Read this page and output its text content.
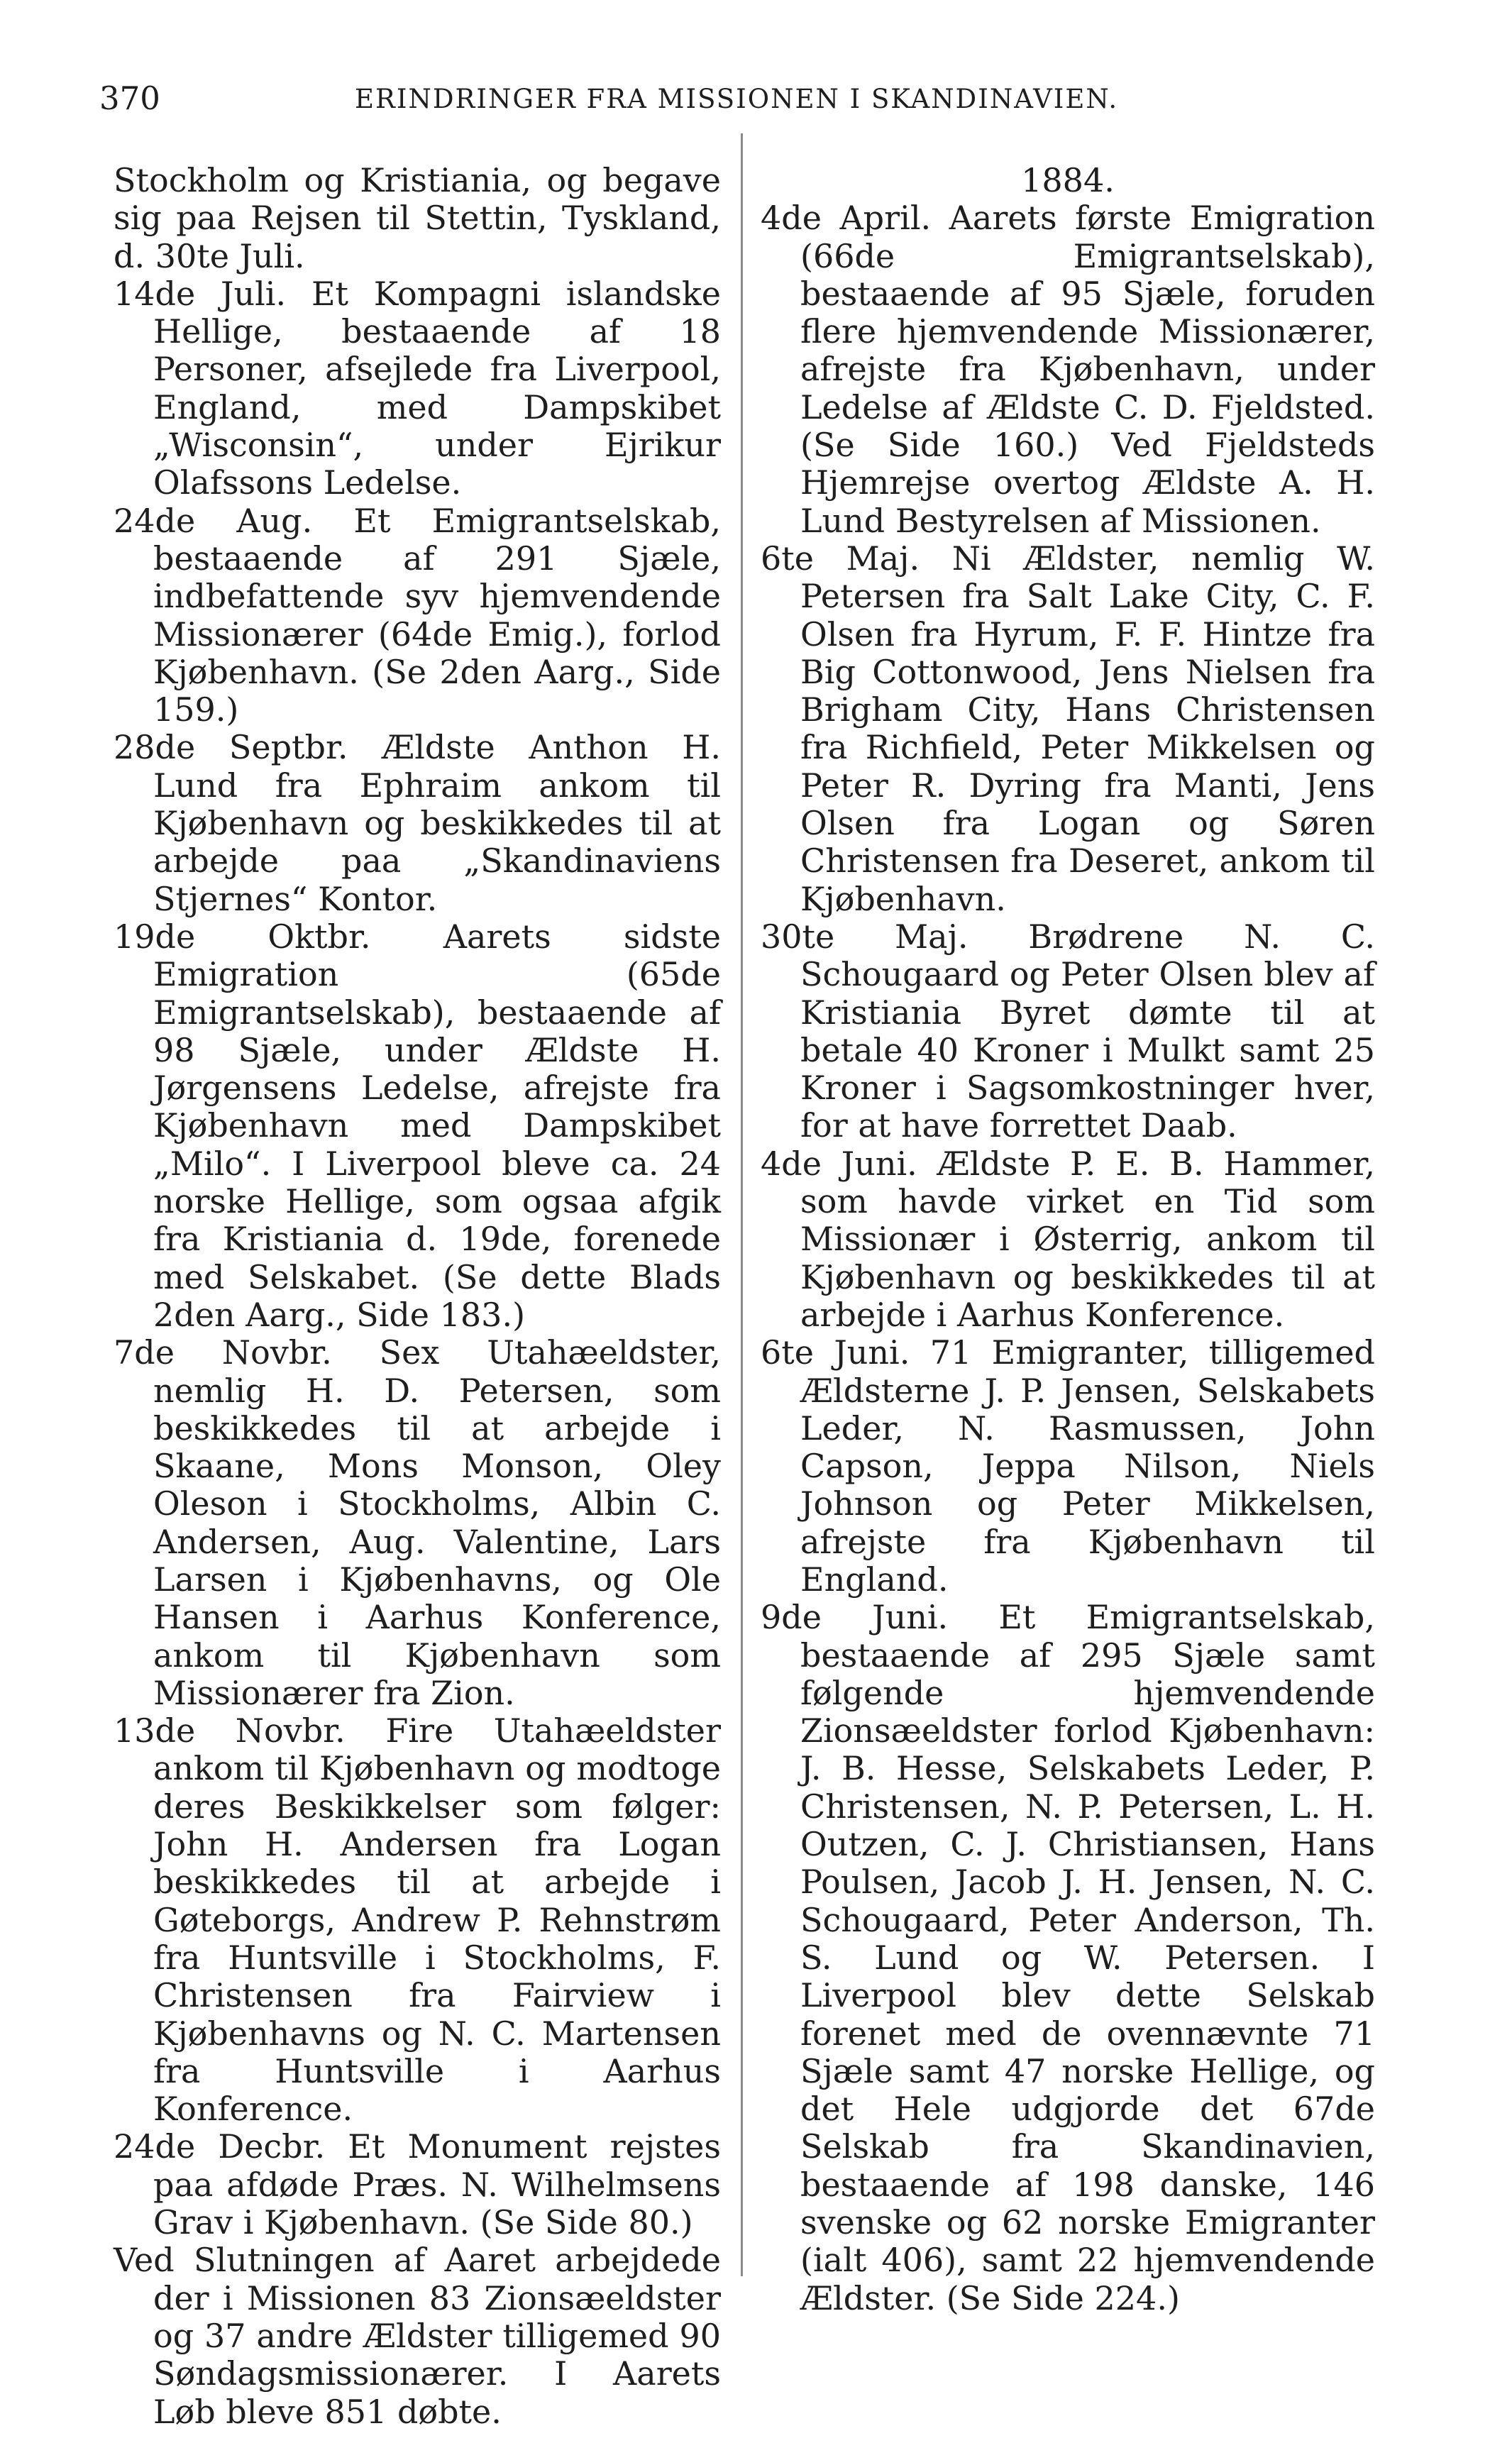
370	ERINDRINGER FRA MISSIONEN I SKANDINAVIEN.

Stockholm og Kristiania, og begave sig paa Rejsen til Stettin, Tyskland, d. 30te Juli.

14de Juli. Et Kompagni islandske Hellige, bestaaende af 18 Personer, afsejlede fra Liverpool, England, med Dampskibet „Wisconsin“, under Ejrikur Olafssons Ledelse.

24de Aug. Et Emigrantselskab, bestaaende af 291 Sjæle, indbefattende syv hjemvendende Missionærer (64de Emig.), forlod Kjøbenhavn. (Se 2den Aarg., Side 159.)

28de Septbr. Ældste Anthon H. Lund fra Ephraim ankom til Kjøbenhavn og beskikkedes til at arbejde paa „Skandinaviens Stjernes“ Kontor.

19de Oktbr. Aarets sidste Emigration (65de Emigrantselskab), bestaaende af 98 Sjæle, under Ældste H. Jørgensens Ledelse, afrejste fra Kjøbenhavn med Dampskibet „Milo“. I Liverpool bleve ca. 24 norske Hellige, som ogsaa afgik fra Kristiania d. 19de, forenede med Selskabet. (Se dette Blads 2den Aarg., Side 183.)

7de Novbr. Sex Utahæeldster, nemlig H. D. Petersen, som beskikkedes til at arbejde i Skaane, Mons Monson, Oley Oleson i Stockholms, Albin C. Andersen, Aug. Valentine, Lars Larsen i Kjøbenhavns, og Ole Hansen i Aarhus Konference, ankom til Kjøbenhavn som Missionærer fra Zion.

13de Novbr. Fire Utahæeldster ankom til Kjøbenhavn og modtoge deres Beskikkelser som følger: John H. Andersen fra Logan beskikkedes til at arbejde i Gøteborgs, Andrew P. Rehnstrøm fra Huntsville i Stockholms, F. Christensen fra Fairview i Kjøbenhavns og N. C. Martensen fra Huntsville i Aarhus Konference.

24de Decbr. Et Monument rejstes paa afdøde Præs. N. Wilhelmsens Grav i Kjøbenhavn. (Se Side 80.)

Ved Slutningen af Aaret arbejdede der i Missionen 83 Zionsæeldster og 37 andre Ældster tilligemed 90 Søndagsmissionærer. I Aarets Løb bleve 851 døbte.

1884.

4de April. Aarets første Emigration (66de Emigrantselskab), bestaaende af 95 Sjæle, foruden flere hjemvendende Missionærer, afrejste fra Kjøbenhavn, under Ledelse af Ældste C. D. Fjeldsted. (Se Side 160.) Ved Fjeldsteds Hjemrejse overtog Ældste A. H. Lund Bestyrelsen af Missionen.

6te Maj. Ni Ældster, nemlig W. Petersen fra Salt Lake City, C. F. Olsen fra Hyrum, F. F. Hintze fra Big Cottonwood, Jens Nielsen fra Brigham City, Hans Christensen fra Richfield, Peter Mikkelsen og Peter R. Dyring fra Manti, Jens Olsen fra Logan og Søren Christensen fra Deseret, ankom til Kjøbenhavn.

30te Maj. Brødrene N. C. Schougaard og Peter Olsen blev af Kristiania Byret dømte til at betale 40 Kroner i Mulkt samt 25 Kroner i Sagsomkostninger hver, for at have forrettet Daab.

4de Juni. Ældste P. E. B. Hammer, som havde virket en Tid som Missionær i Østerrig, ankom til Kjøbenhavn og beskikkedes til at arbejde i Aarhus Konference.

6te Juni. 71 Emigranter, tilligemed Ældsterne J. P. Jensen, Selskabets Leder, N. Rasmussen, John Capson, Jeppa Nilson, Niels Johnson og Peter Mikkelsen, afrejste fra Kjøbenhavn til England.

9de Juni. Et Emigrantselskab, bestaaende af 295 Sjæle samt følgende hjemvendende Zionsæeldster forlod Kjøbenhavn: J. B. Hesse, Selskabets Leder, P. Christensen, N. P. Petersen, L. H. Outzen, C. J. Christiansen, Hans Poulsen, Jacob J. H. Jensen, N. C. Schougaard, Peter Anderson, Th. S. Lund og W. Petersen. I Liverpool blev dette Selskab forenet med de ovennævnte 71 Sjæle samt 47 norske Hellige, og det Hele udgjorde det 67de Selskab fra Skandinavien, bestaaende af 198 danske, 146 svenske og 62 norske Emigranter (ialt 406), samt 22 hjemvendende Ældster. (Se Side 224.)
